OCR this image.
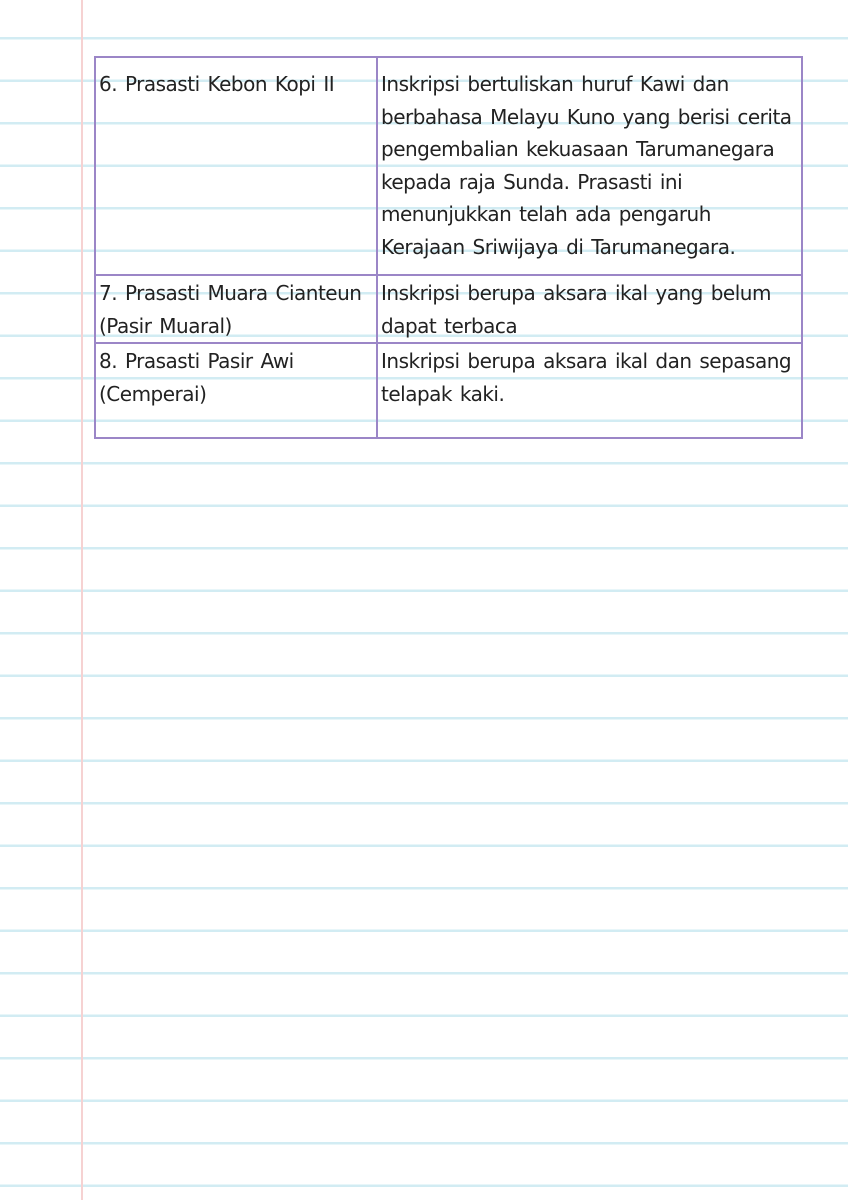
6. Prasasti Kebon Kopi II	Inskripsi bertuliskan huruf Kawi dan berbahasa Melayu Kuno yang berisi cerita pengembalian kekuasaan Tarumanegara kepada raja Sunda. Prasasti ini menunjukkan telah ada pengaruh Kerajaan Sriwijaya di Tarumanegara.

7. Prasasti Muara Cianteun (Pasir Muaral)	Inskripsi berupa aksara ikal yang belum dapat terbaca

8. Prasasti Pasir Awi (Cemperai)	Inskripsi berupa aksara ikal dan sepasang telapak kaki.
